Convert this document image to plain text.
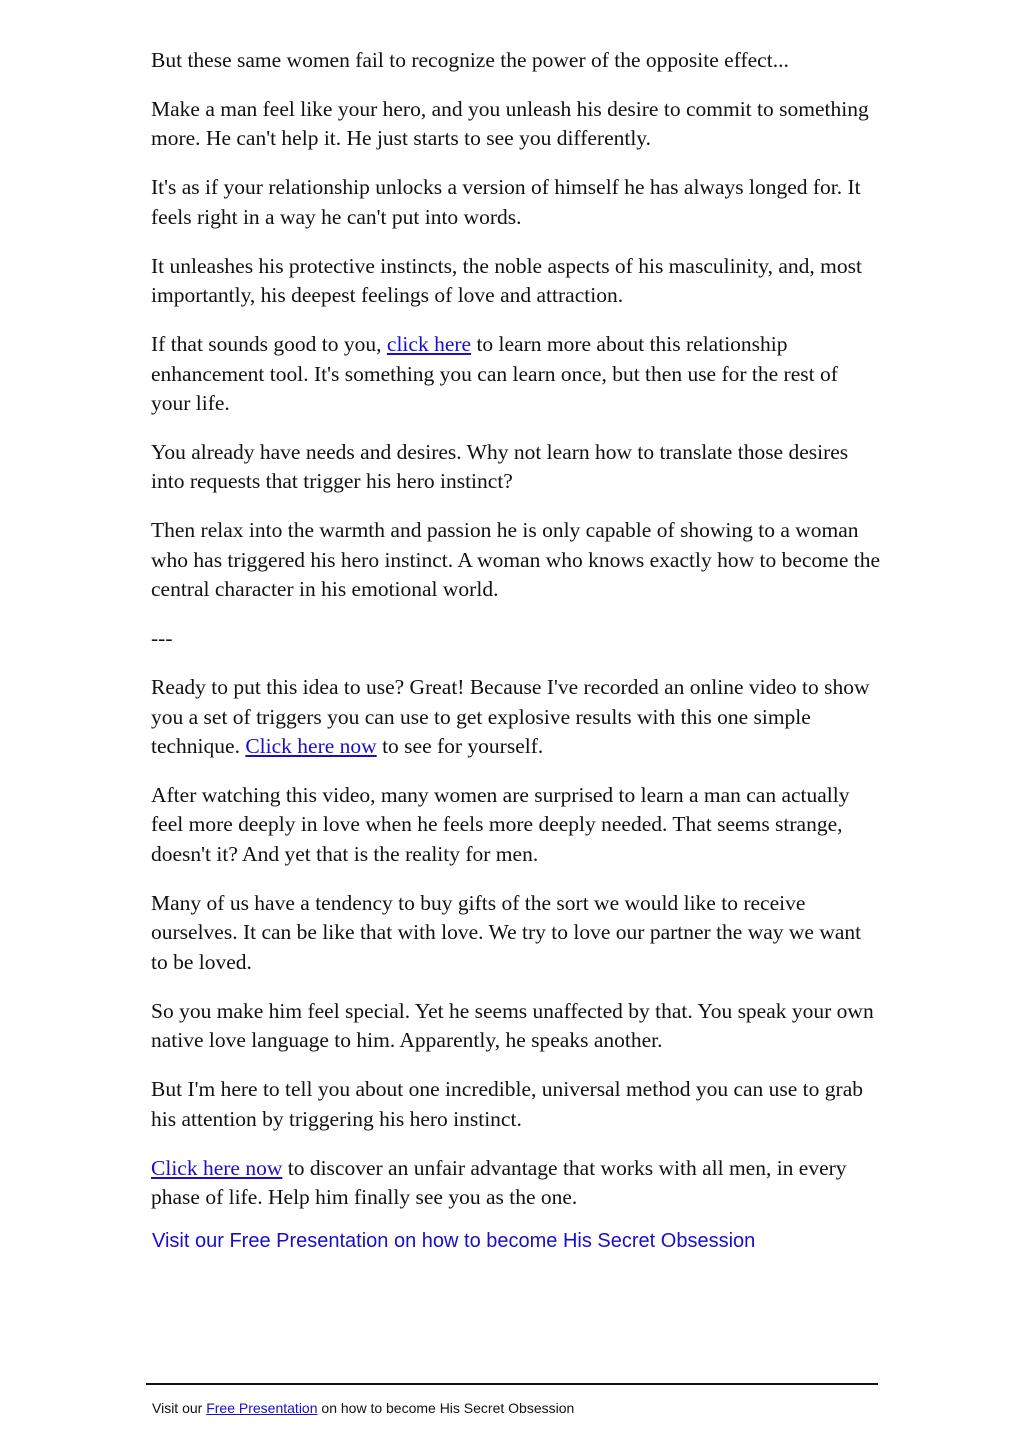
But these same women fail to recognize the power of the opposite effect...

Make a man feel like your hero, and you unleash his desire to commit to something more. He can't help it. He just starts to see you differently.

It's as if your relationship unlocks a version of himself he has always longed for. It feels right in a way he can't put into words.

It unleashes his protective instincts, the noble aspects of his masculinity, and, most importantly, his deepest feelings of love and attraction.

If that sounds good to you, click here to learn more about this relationship enhancement tool. It's something you can learn once, but then use for the rest of your life.

You already have needs and desires. Why not learn how to translate those desires into requests that trigger his hero instinct?

Then relax into the warmth and passion he is only capable of showing to a woman who has triggered his hero instinct. A woman who knows exactly how to become the central character in his emotional world.

---

Ready to put this idea to use? Great! Because I've recorded an online video to show you a set of triggers you can use to get explosive results with this one simple technique. Click here now to see for yourself.

After watching this video, many women are surprised to learn a man can actually feel more deeply in love when he feels more deeply needed. That seems strange, doesn't it? And yet that is the reality for men.

Many of us have a tendency to buy gifts of the sort we would like to receive ourselves. It can be like that with love. We try to love our partner the way we want to be loved.

So you make him feel special. Yet he seems unaffected by that. You speak your own native love language to him. Apparently, he speaks another.

But I'm here to tell you about one incredible, universal method you can use to grab his attention by triggering his hero instinct.

Click here now to discover an unfair advantage that works with all men, in every phase of life. Help him finally see you as the one.

Visit our Free Presentation on how to become His Secret Obsession
Visit our Free Presentation on how to become His Secret Obsession
